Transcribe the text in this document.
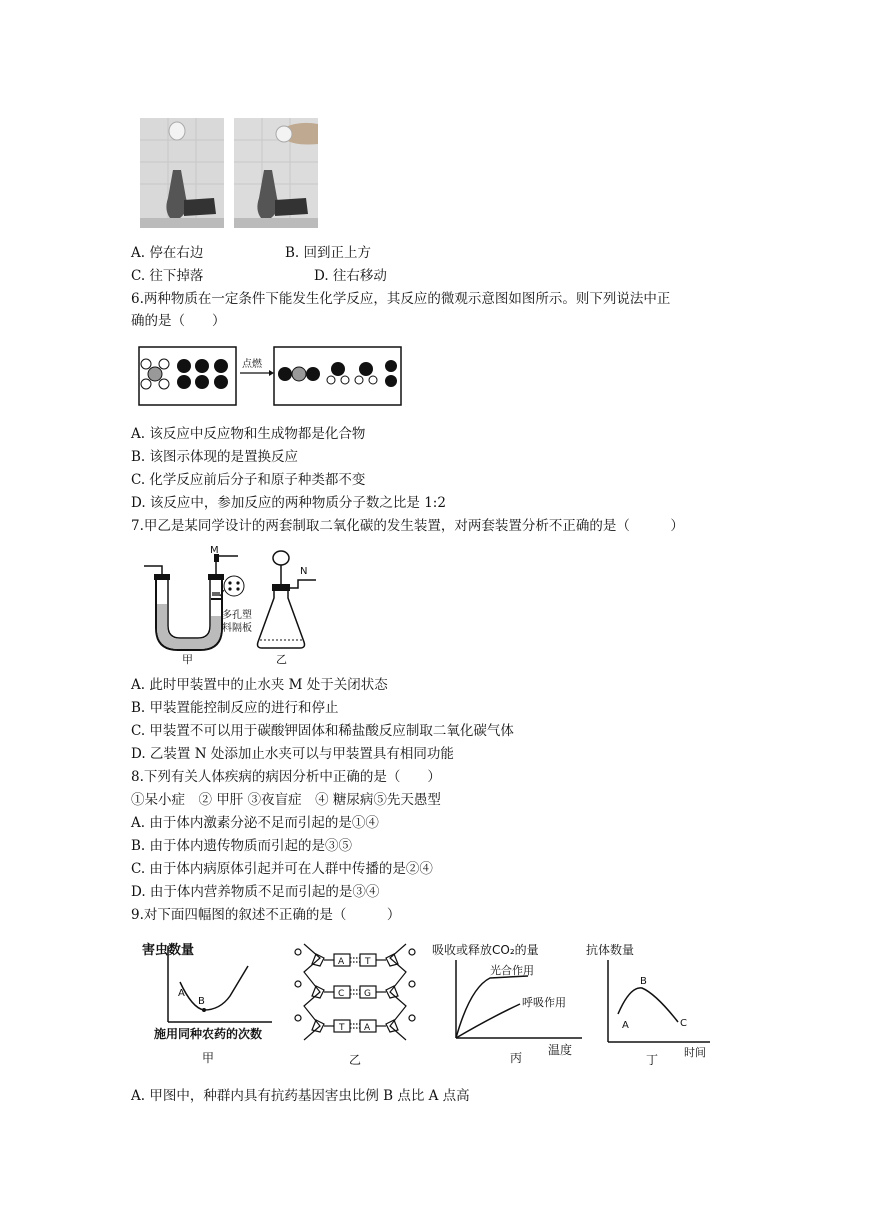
A. 停在右边	B. 回到正上方
C. 往下掉落	D. 往右移动
6.两种物质在一定条件下能发生化学反应，其反应的微观示意图如图所示。则下列说法中正
确的是（　　）
点燃
A. 该反应中反应物和生成物都是化合物
B. 该图示体现的是置换反应
C. 化学反应前后分子和原子种类都不变
D. 该反应中，参加反应的两种物质分子数之比是 1:2
7.甲乙是某同学设计的两套制取二氧化碳的发生装置，对两套装置分析不正确的是（　　　）
M
多孔塑
料隔板
甲
N
乙
A. 此时甲装置中的止水夹 M 处于关闭状态
B. 甲装置能控制反应的进行和停止
C. 甲装置不可以用于碳酸钾固体和稀盐酸反应制取二氧化碳气体
D. 乙装置 N 处添加止水夹可以与甲装置具有相同功能
8.下列有关人体疾病的病因分析中正确的是（　　）
①呆小症　② 甲肝 ③夜盲症　④ 糖尿病⑤先天愚型
A. 由于体内激素分泌不足而引起的是①④
B. 由于体内遗传物质而引起的是③⑤
C. 由于体内病原体引起并可在人群中传播的是②④
D. 由于体内营养物质不足而引起的是③④
9.对下面四幅图的叙述不正确的是（　　　）
害虫数量
A
B
施用同种农药的次数
甲
A
C
T
T
G
A
乙
吸收或释放CO₂的量
光合作用
呼吸作用
温度
丙
抗体数量
A
B
C
时间
丁
A. 甲图中，种群内具有抗药基因害虫比例 B 点比 A 点高
